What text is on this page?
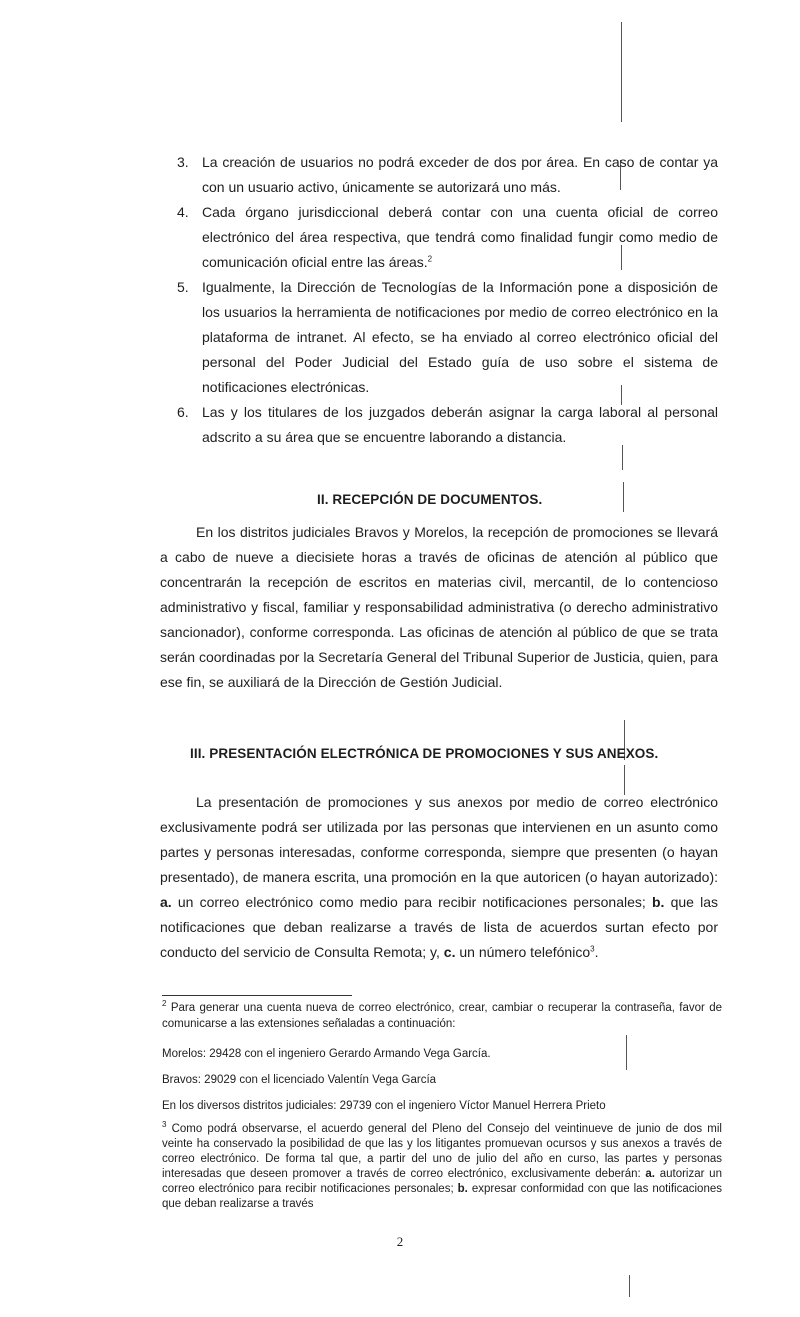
3. La creación de usuarios no podrá exceder de dos por área. En caso de contar ya con un usuario activo, únicamente se autorizará uno más.
4. Cada órgano jurisdiccional deberá contar con una cuenta oficial de correo electrónico del área respectiva, que tendrá como finalidad fungir como medio de comunicación oficial entre las áreas.$^2$
5. Igualmente, la Dirección de Tecnologías de la Información pone a disposición de los usuarios la herramienta de notificaciones por medio de correo electrónico en la plataforma de intranet. Al efecto, se ha enviado al correo electrónico oficial del personal del Poder Judicial del Estado guía de uso sobre el sistema de notificaciones electrónicas.
6. Las y los titulares de los juzgados deberán asignar la carga laboral al personal adscrito a su área que se encuentre laborando a distancia.
II. RECEPCIÓN DE DOCUMENTOS.

En los distritos judiciales Bravos y Morelos, la recepción de promociones se llevará a cabo de nueve a diecisiete horas a través de oficinas de atención al público que concentrarán la recepción de escritos en materias civil, mercantil, de lo contencioso administrativo y fiscal, familiar y responsabilidad administrativa (o derecho administrativo sancionador), conforme corresponda. Las oficinas de atención al público de que se trata serán coordinadas por la Secretaría General del Tribunal Superior de Justicia, quien, para ese fin, se auxiliará de la Dirección de Gestión Judicial.

III. PRESENTACIÓN ELECTRÓNICA DE PROMOCIONES Y SUS ANEXOS.

La presentación de promociones y sus anexos por medio de correo electrónico exclusivamente podrá ser utilizada por las personas que intervienen en un asunto como partes y personas interesadas, conforme corresponda, siempre que presenten (o hayan presentado), de manera escrita, una promoción en la que autoricen (o hayan autorizado): a. un correo electrónico como medio para recibir notificaciones personales; b. que las notificaciones que deban realizarse a través de lista de acuerdos surtan efecto por conducto del servicio de Consulta Remota; y, c. un número telefónico$^3$.

$^2$ Para generar una cuenta nueva de correo electrónico, crear, cambiar o recuperar la contraseña, favor de comunicarse a las extensiones señaladas a continuación:

Morelos: 29428 con el ingeniero Gerardo Armando Vega García.

Bravos: 29029 con el licenciado Valentín Vega García

En los diversos distritos judiciales: 29739 con el ingeniero Víctor Manuel Herrera Prieto

$^3$ Como podrá observarse, el acuerdo general del Pleno del Consejo del veintinueve de junio de dos mil veinte ha conservado la posibilidad de que las y los litigantes promuevan ocursos y sus anexos a través de correo electrónico. De forma tal que, a partir del uno de julio del año en curso, las partes y personas interesadas que deseen promover a través de correo electrónico, exclusivamente deberán: a. autorizar un correo electrónico para recibir notificaciones personales; b. expresar conformidad con que las notificaciones que deban realizarse a través

2
